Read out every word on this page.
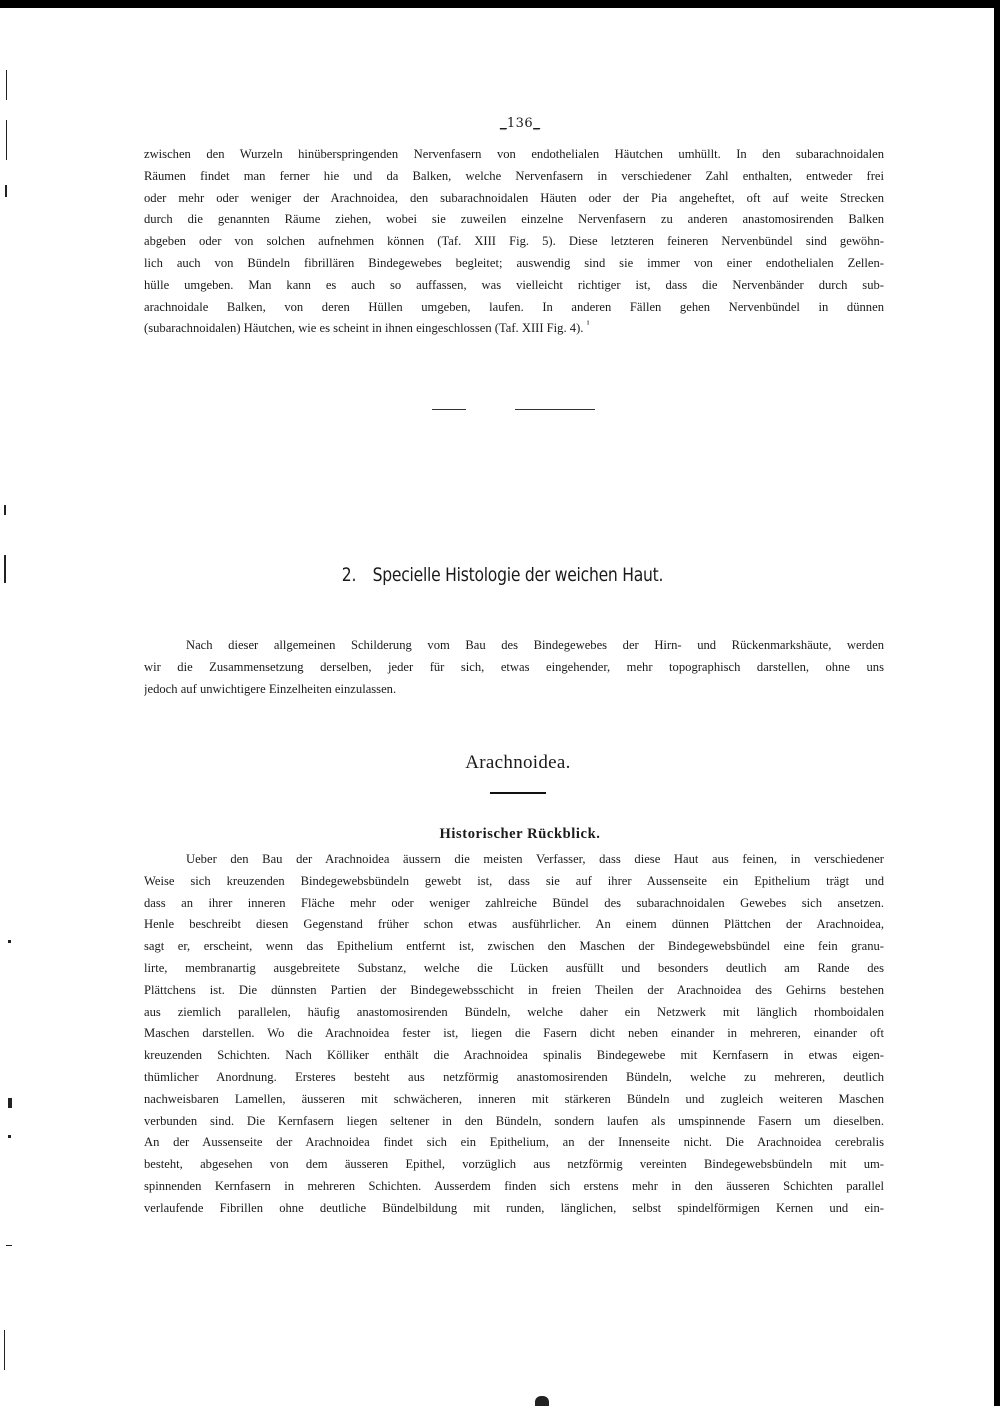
_136_
zwischen den Wurzeln hinüberspringenden Nervenfasern von endothelialen Häutchen umhüllt. In den subarachnoidalen
Räumen findet man ferner hie und da Balken, welche Nervenfasern in verschiedener Zahl enthalten, entweder frei
oder mehr oder weniger der Arachnoidea, den subarachnoidalen Häuten oder der Pia angeheftet, oft auf weite Strecken
durch die genannten Räume ziehen, wobei sie zuweilen einzelne Nervenfasern zu anderen anastomosirenden Balken
abgeben oder von solchen aufnehmen können (Taf. XIII Fig. 5). Diese letzteren feineren Nervenbündel sind gewöhn-
lich auch von Bündeln fibrillären Bindegewebes begleitet; auswendig sind sie immer von einer endothelialen Zellen-
hülle umgeben. Man kann es auch so auffassen, was vielleicht richtiger ist, dass die Nervenbänder durch sub-
arachnoidale Balken, von deren Hüllen umgeben, laufen. In anderen Fällen gehen Nervenbündel in dünnen
(subarachnoidalen) Häutchen, wie es scheint in ihnen eingeschlossen (Taf. XIII Fig. 4). $^{^1}$
2. Specielle Histologie der weichen Haut.
Nach dieser allgemeinen Schilderung vom Bau des Bindegewebes der Hirn- und Rückenmarkshäute, werden
wir die Zusammensetzung derselben, jeder für sich, etwas eingehender, mehr topographisch darstellen, ohne uns
jedoch auf unwichtigere Einzelheiten einzulassen.
Arachnoidea.
Historischer Rückblick.
Ueber den Bau der Arachnoidea äussern die meisten Verfasser, dass diese Haut aus feinen, in verschiedener
Weise sich kreuzenden Bindegewebsbündeln gewebt ist, dass sie auf ihrer Aussenseite ein Epithelium trägt und
dass an ihrer inneren Fläche mehr oder weniger zahlreiche Bündel des subarachnoidalen Gewebes sich ansetzen.
Henle beschreibt diesen Gegenstand früher schon etwas ausführlicher. An einem dünnen Plättchen der Arachnoidea,
sagt er, erscheint, wenn das Epithelium entfernt ist, zwischen den Maschen der Bindegewebsbündel eine fein granu-
lirte, membranartig ausgebreitete Substanz, welche die Lücken ausfüllt und besonders deutlich am Rande des
Plättchens ist. Die dünnsten Partien der Bindegewebsschicht in freien Theilen der Arachnoidea des Gehirns bestehen
aus ziemlich parallelen, häufig anastomosirenden Bündeln, welche daher ein Netzwerk mit länglich rhomboidalen
Maschen darstellen. Wo die Arachnoidea fester ist, liegen die Fasern dicht neben einander in mehreren, einander oft
kreuzenden Schichten. Nach Kölliker enthält die Arachnoidea spinalis Bindegewebe mit Kernfasern in etwas eigen-
thümlicher Anordnung. Ersteres besteht aus netzförmig anastomosirenden Bündeln, welche zu mehreren, deutlich
nachweisbaren Lamellen, äusseren mit schwächeren, inneren mit stärkeren Bündeln und zugleich weiteren Maschen
verbunden sind. Die Kernfasern liegen seltener in den Bündeln, sondern laufen als umspinnende Fasern um dieselben.
An der Aussenseite der Arachnoidea findet sich ein Epithelium, an der Innenseite nicht. Die Arachnoidea cerebralis
besteht, abgesehen von dem äusseren Epithel, vorzüglich aus netzförmig vereinten Bindegewebsbündeln mit um-
spinnenden Kernfasern in mehreren Schichten. Ausserdem finden sich erstens mehr in den äusseren Schichten parallel
verlaufende Fibrillen ohne deutliche Bündelbildung mit runden, länglichen, selbst spindelförmigen Kernen und ein-
